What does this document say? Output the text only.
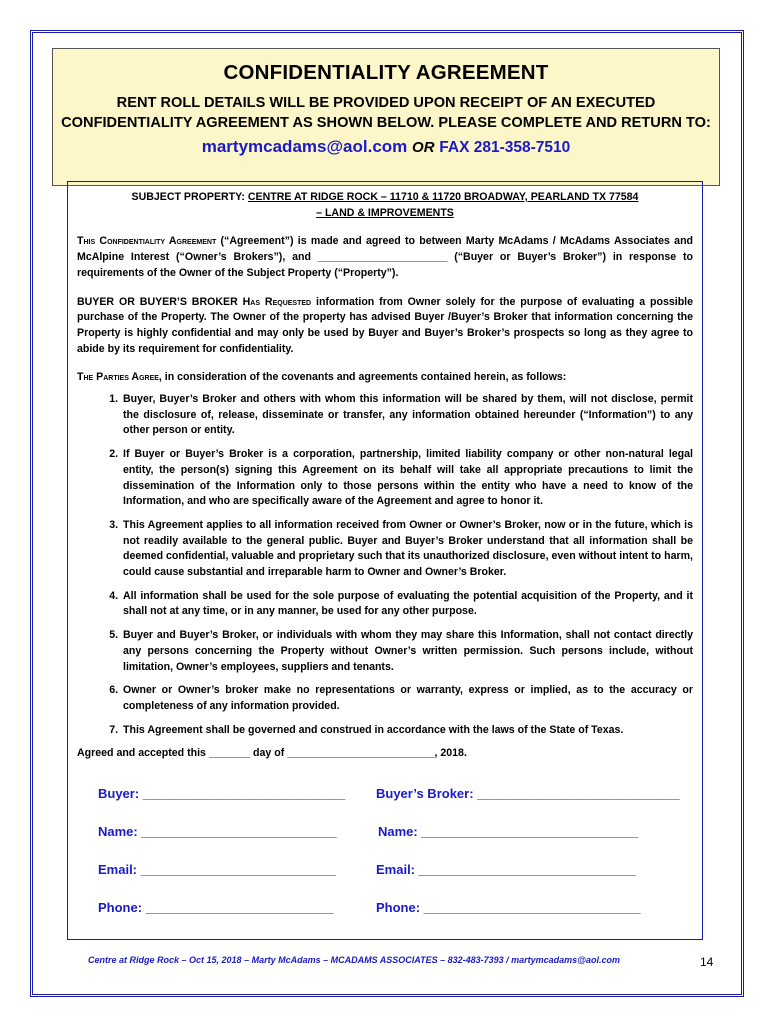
CONFIDENTIALITY AGREEMENT
RENT ROLL DETAILS WILL BE PROVIDED UPON RECEIPT OF AN EXECUTED
CONFIDENTIALITY AGREEMENT AS SHOWN BELOW. PLEASE COMPLETE AND RETURN TO:
martymcadams@aol.com OR FAX 281-358-7510
SUBJECT PROPERTY: CENTRE AT RIDGE ROCK – 11710 & 11720 BROADWAY, PEARLAND TX 77584
– LAND & IMPROVEMENTS
This Confidentiality Agreement (“Agreement”) is made and agreed to between Marty McAdams / McAdams Associates and McAlpine Interest (“Owner’s Brokers”), and ______________________ (“Buyer or Buyer’s Broker”) in response to requirements of the Owner of the Subject Property (“Property”).
BUYER OR BUYER’S BROKER Has Requested information from Owner solely for the purpose of evaluating a possible purchase of the Property. The Owner of the property has advised Buyer /Buyer’s Broker that information concerning the Property is highly confidential and may only be used by Buyer and Buyer’s Broker’s prospects so long as they agree to abide by its requirement for confidentiality.
The Parties Agree, in consideration of the covenants and agreements contained herein, as follows:
1. Buyer, Buyer’s Broker and others with whom this information will be shared by them, will not disclose, permit the disclosure of, release, disseminate or transfer, any information obtained hereunder (“Information”) to any other person or entity.
2. If Buyer or Buyer’s Broker is a corporation, partnership, limited liability company or other non-natural legal entity, the person(s) signing this Agreement on its behalf will take all appropriate precautions to limit the dissemination of the Information only to those persons within the entity who have a need to know of the Information, and who are specifically aware of the Agreement and agree to honor it.
3. This Agreement applies to all information received from Owner or Owner’s Broker, now or in the future, which is not readily available to the general public. Buyer and Buyer’s Broker understand that all information shall be deemed confidential, valuable and proprietary such that its unauthorized disclosure, even without intent to harm, could cause substantial and irreparable harm to Owner and Owner’s Broker.
4. All information shall be used for the sole purpose of evaluating the potential acquisition of the Property, and it shall not at any time, or in any manner, be used for any other purpose.
5. Buyer and Buyer’s Broker, or individuals with whom they may share this Information, shall not contact directly any persons concerning the Property without Owner’s written permission. Such persons include, without limitation, Owner’s employees, suppliers and tenants.
6. Owner or Owner’s broker make no representations or warranty, express or implied, as to the accuracy or completeness of any information provided.
7. This Agreement shall be governed and construed in accordance with the laws of the State of Texas.
Agreed and accepted this _______ day of _________________________, 2018.
Buyer: ____________________________ Buyer’s Broker: ____________________________
Name: ___________________________	Name: ______________________________
Email: ___________________________	Email: ______________________________
Phone: __________________________	Phone: ______________________________
Centre at Ridge Rock – Oct 15, 2018 – Marty McAdams – MCADAMS ASSOCIATES – 832-483-7393 / martymcadams@aol.com	14
